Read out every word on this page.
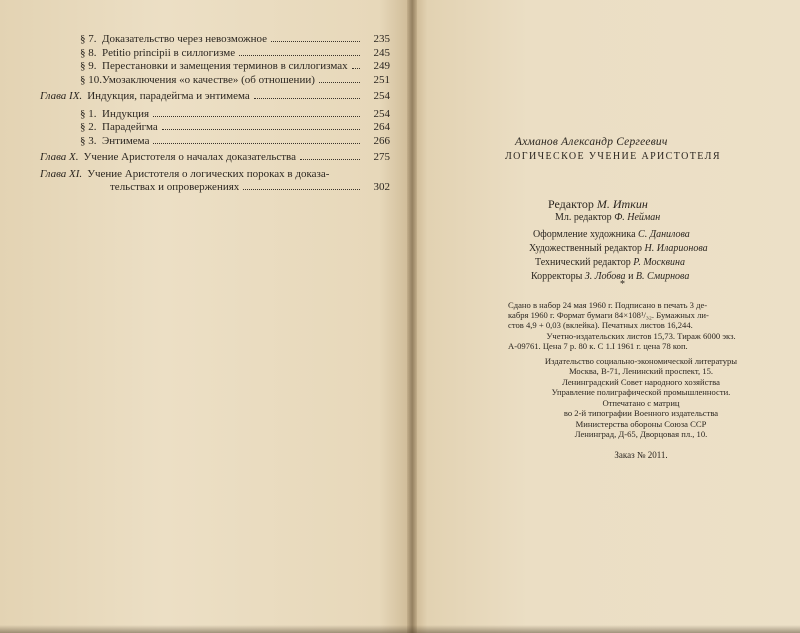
§ 7. Доказательство через невозможное	235
§ 8. Petitio principii в силлогизме	245
§ 9. Перестановки и замещения терминов в силлогизмах	249
§ 10. Умозаключения «о качестве» (об отношении)	251
Глава IX. Индукция, парадейгма и энтимема	254
§ 1. Индукция	254
§ 2. Парадейгма	264
§ 3. Энтимема	266
Глава X. Учение Аристотеля о началах доказательства	275
Глава XI. Учение Аристотеля о логических пороках в доказа-
тельствах и опровержениях	302
Ахманов Александр Сергеевич
ЛОГИЧЕСКОЕ УЧЕНИЕ АРИСТОТЕЛЯ
Редактор М. Иткин
Мл. редактор Ф. Нейман
Оформление художника С. Данилова
Художественный редактор Н. Иларионова
Технический редактор Р. Москвина
Корректоры З. Лобова и В. Смирнова
*

Сдано в набор 24 мая 1960 г. Подписано в печать 3 де-

кабря 1960 г. Формат бумаги 84×108¹/₃₂. Бумажных ли-

стов 4,9 + 0,03 (вклейка). Печатных листов 16,244.

Учетно-издательских листов 15,73. Тираж 6000 экз.

А-09761. Цена 7 р. 80 к. С 1.I 1961 г. цена 78 коп.

Издательство социально-экономической литературы
Москва, В-71, Ленинский проспект, 15.
Ленинградский Совет народного хозяйства
Управление полиграфической промышленности.
Отпечатано с матриц
во 2-й типографии Военного издательства
Министерства обороны Союза ССР
Ленинград, Д-65, Дворцовая пл., 10.
Заказ № 2011.
